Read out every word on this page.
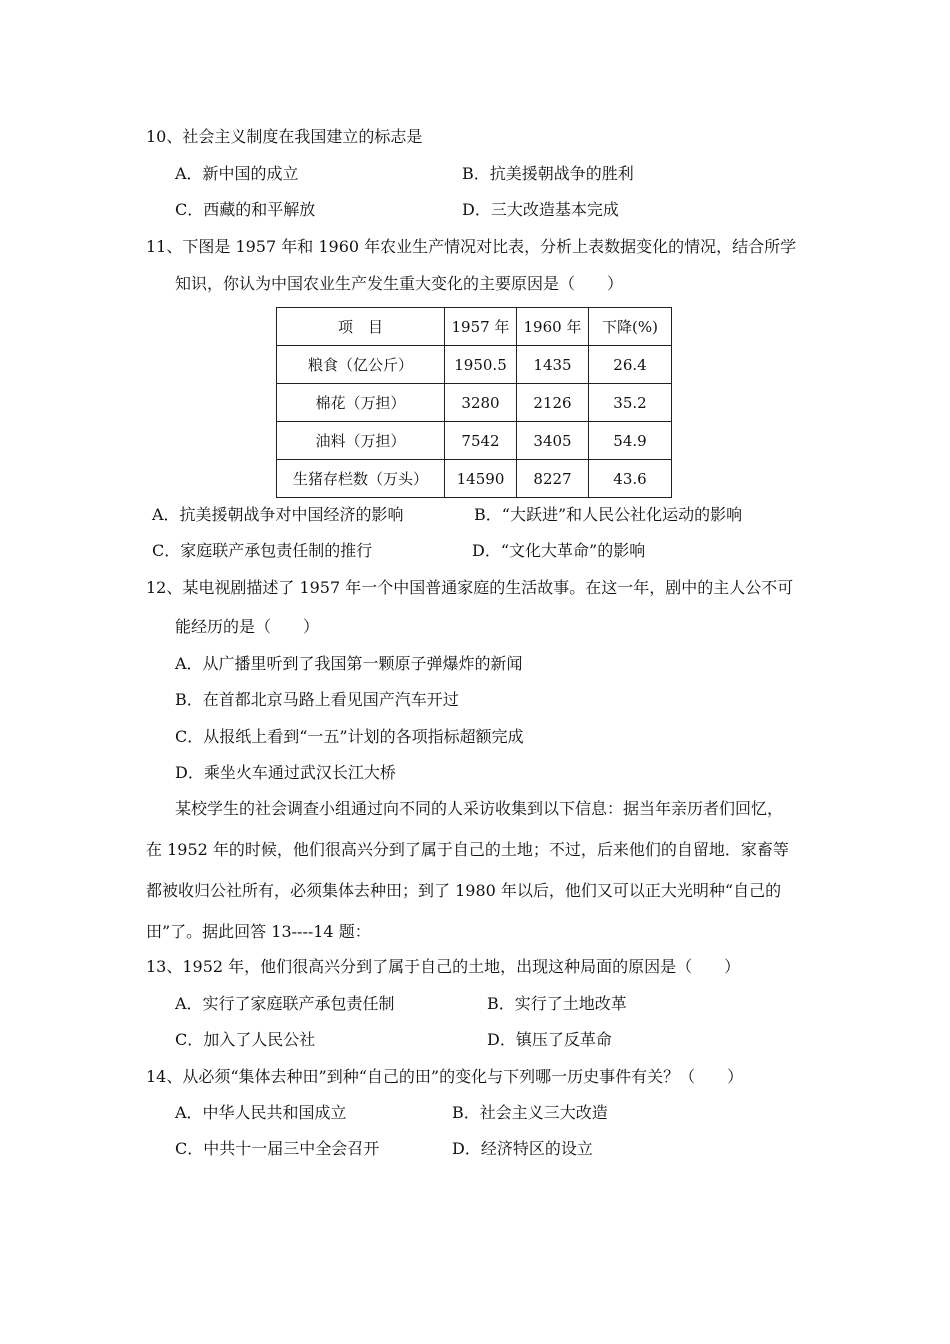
10、社会主义制度在我国建立的标志是
A．新中国的成立	B．抗美援朝战争的胜利
C．西藏的和平解放	D．三大改造基本完成
11、下图是 1957 年和 1960 年农业生产情况对比表，分析上表数据变化的情况，结合所学
知识，你认为中国农业生产发生重大变化的主要原因是（　　）
项　目	1957 年	1960 年	下降(%)
粮食（亿公斤）	1950.5	1435	26.4
棉花（万担）	3280	2126	35.2
油料（万担）	7542	3405	54.9
生猪存栏数（万头）	14590	8227	43.6
A．抗美援朝战争对中国经济的影响	B．“大跃进”和人民公社化运动的影响
C．家庭联产承包责任制的推行	D．“文化大革命”的影响
12、某电视剧描述了 1957 年一个中国普通家庭的生活故事。在这一年，剧中的主人公不可
能经历的是（　　）
A．从广播里听到了我国第一颗原子弹爆炸的新闻
B．在首都北京马路上看见国产汽车开过
C．从报纸上看到“一五”计划的各项指标超额完成
D．乘坐火车通过武汉长江大桥
某校学生的社会调查小组通过向不同的人采访收集到以下信息：据当年亲历者们回忆，
在 1952 年的时候，他们很高兴分到了属于自己的土地；不过，后来他们的自留地．家畜等
都被收归公社所有，必须集体去种田；到了 1980 年以后，他们又可以正大光明种“自己的
田”了。据此回答 13----14 题：
13、1952 年，他们很高兴分到了属于自己的土地，出现这种局面的原因是（　　）
A．实行了家庭联产承包责任制	B．实行了土地改革
C．加入了人民公社	D．镇压了反革命
14、从必须“集体去种田”到种“自己的田”的变化与下列哪一历史事件有关？（　　）
A．中华人民共和国成立	B．社会主义三大改造
C．中共十一届三中全会召开	D．经济特区的设立
